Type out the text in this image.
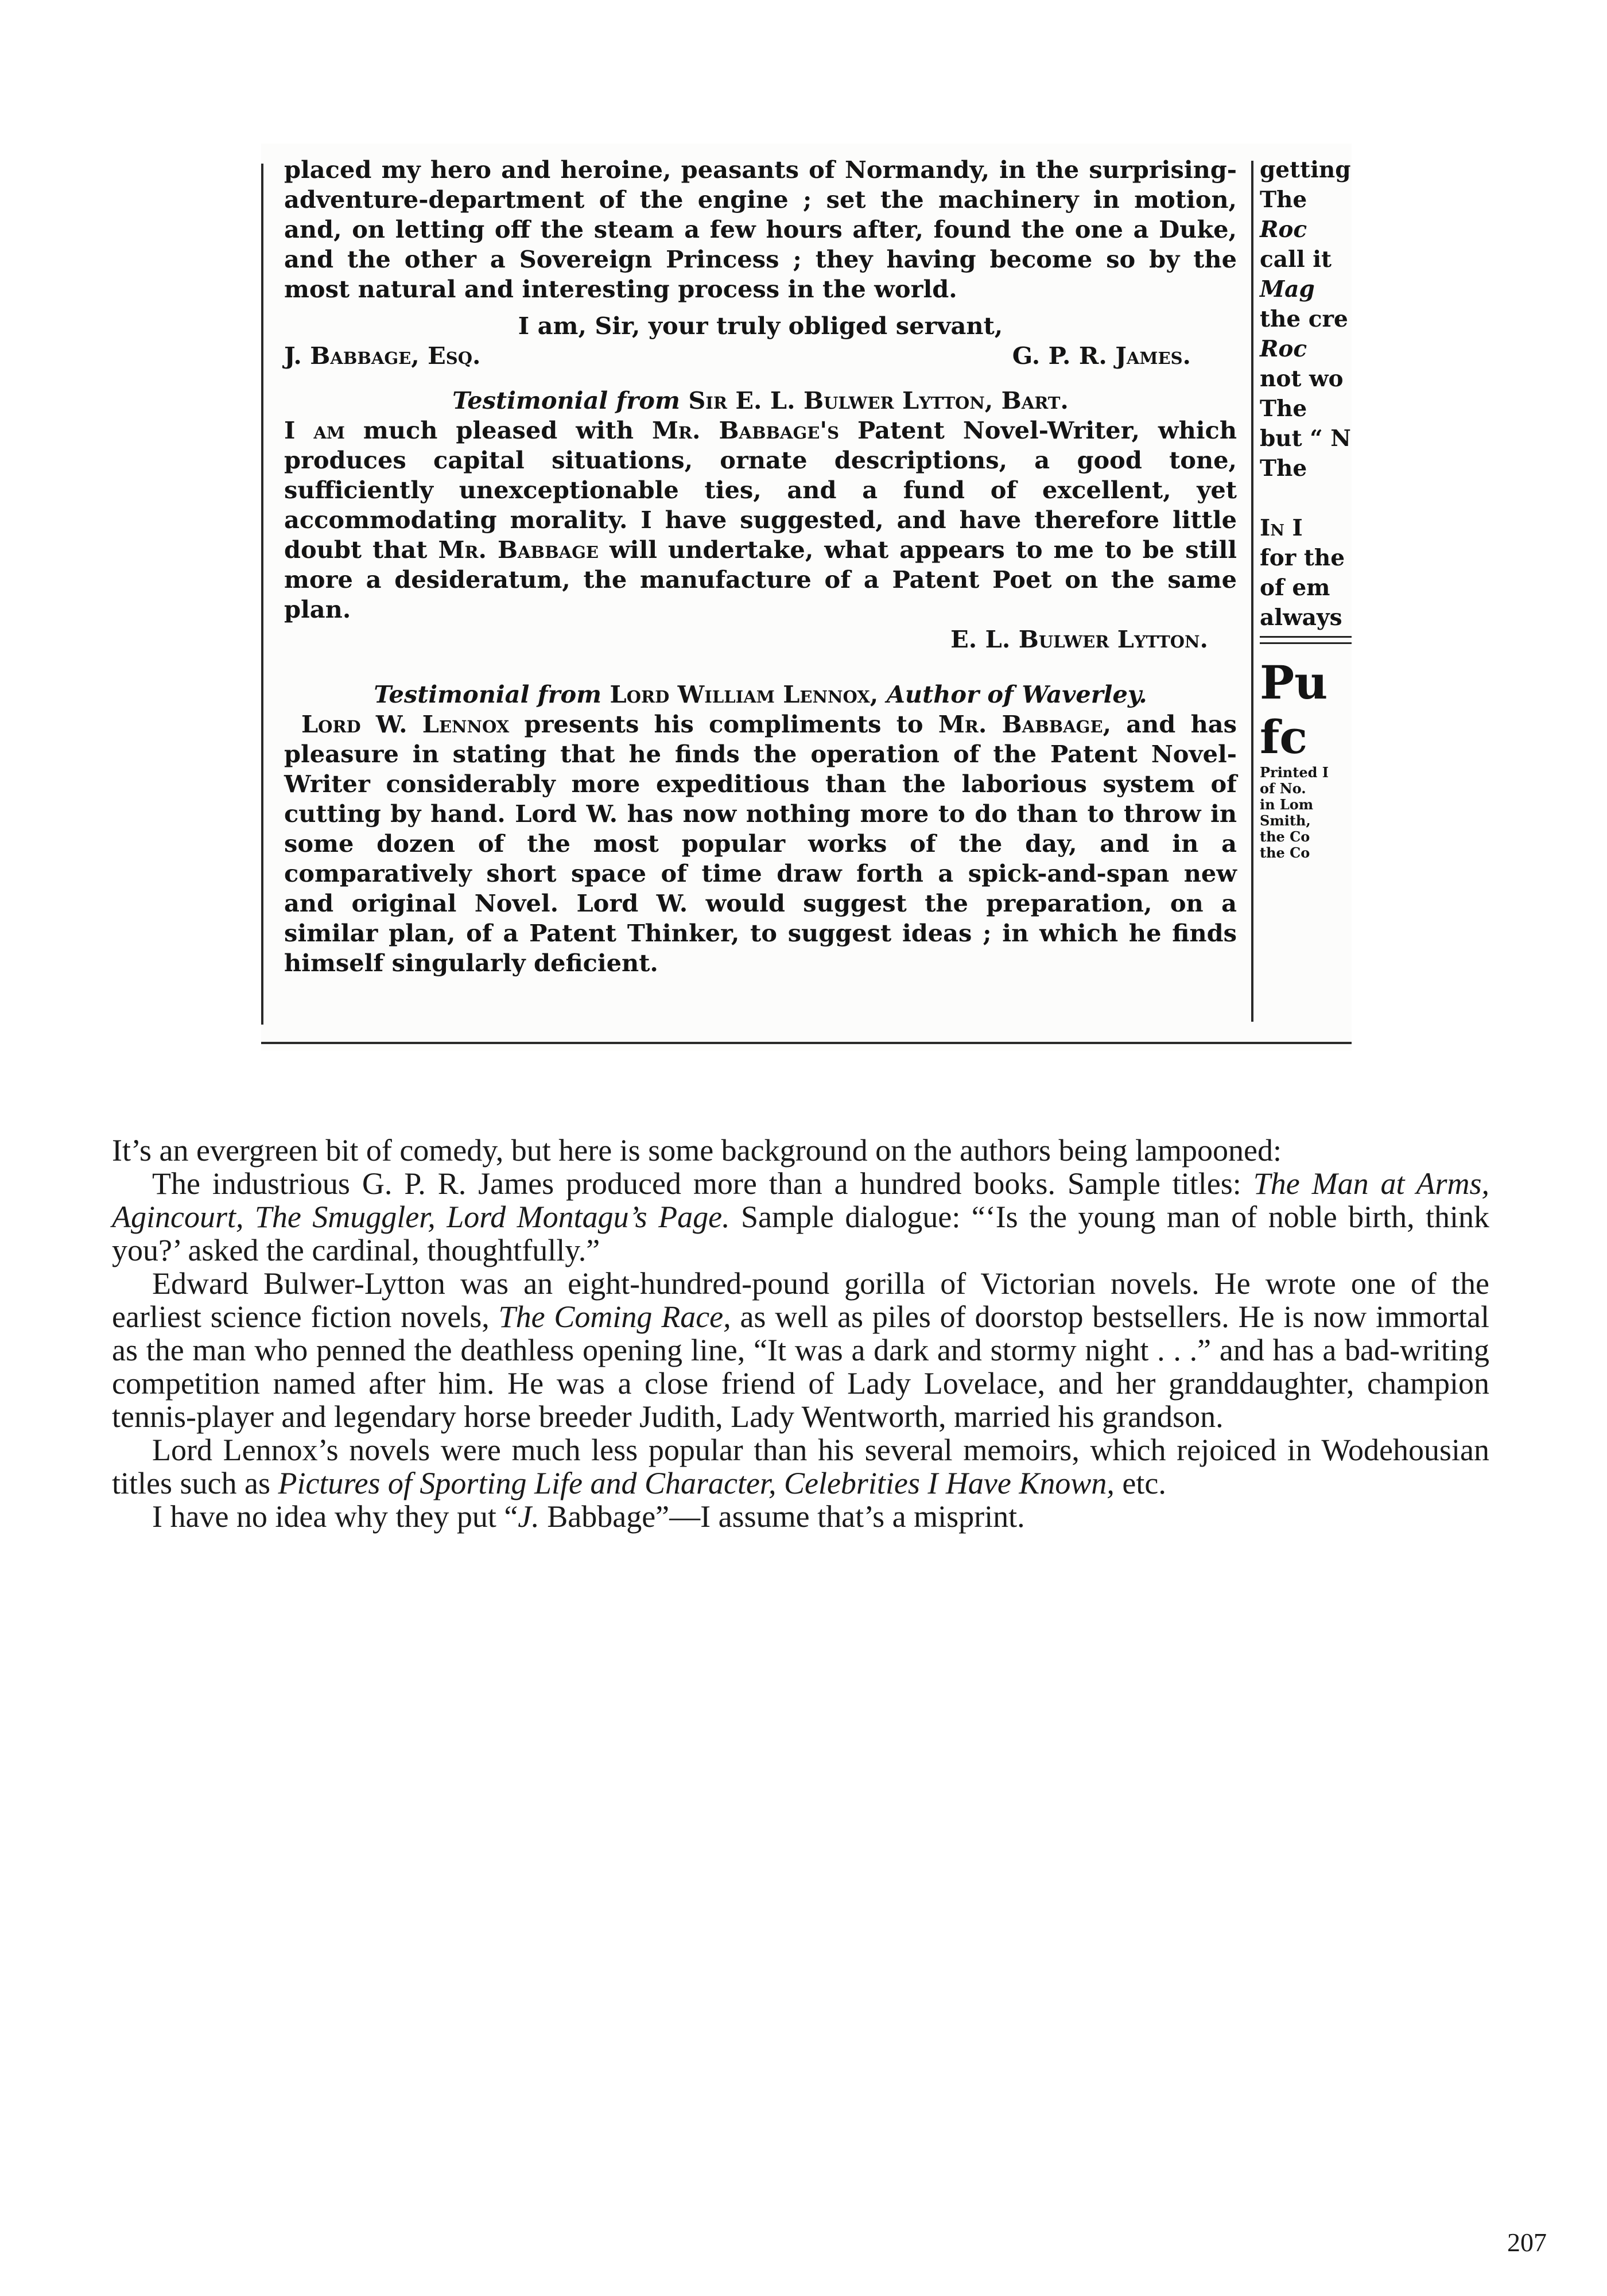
placed my hero and heroine, peasants of Normandy, in the surprising-adventure-department of the engine ; set the machinery in motion, and, on letting off the steam a few hours after, found the one a Duke, and the other a Sovereign Princess ; they having become so by the most natural and interesting process in the world.

I am, Sir, your truly obliged servant,

J. Babbage, Esq.	G. P. R. James.

Testimonial from Sir E. L. Bulwer Lytton, Bart.

I am much pleased with Mr. Babbage's Patent Novel-Writer, which produces capital situations, ornate descriptions, a good tone, sufficiently unexceptionable ties, and a fund of excellent, yet accommodating morality. I have suggested, and have therefore little doubt that Mr. Babbage will undertake, what appears to me to be still more a desideratum, the manufacture of a Patent Poet on the same plan.

E. L. Bulwer Lytton.

Testimonial from Lord William Lennox, Author of Waverley.

Lord W. Lennox presents his compliments to Mr. Babbage, and has pleasure in stating that he finds the operation of the Patent Novel-Writer considerably more expeditious than the laborious system of cutting by hand. Lord W. has now nothing more to do than to throw in some dozen of the most popular works of the day, and in a comparatively short space of time draw forth a spick-and-span new and original Novel. Lord W. would suggest the preparation, on a similar plan, of a Patent Thinker, to suggest ideas ; in which he finds himself singularly deficient.

getting
The
Roc
call it
Mag
the cre
Roc
not wo
The
but “ N
The
In I
for the
of em
always
Pu
fc
Printed I
of No.
in Lom
Smith,
the Co
the Co

It’s an evergreen bit of comedy, but here is some background on the authors being lampooned:

The industrious G. P. R. James produced more than a hundred books. Sample titles: The Man at Arms, Agincourt, The Smuggler, Lord Montagu’s Page. Sample dialogue: “‘Is the young man of noble birth, think you?’ asked the cardinal, thoughtfully.”

Edward Bulwer-Lytton was an eight-hundred-pound gorilla of Victorian novels. He wrote one of the earliest science fiction novels, The Coming Race, as well as piles of doorstop bestsellers. He is now immortal as the man who penned the deathless opening line, “It was a dark and stormy night . . .” and has a bad-writing competition named after him. He was a close friend of Lady Lovelace, and her granddaughter, champion tennis-player and legendary horse breeder Judith, Lady Wentworth, married his grandson.

Lord Lennox’s novels were much less popular than his several memoirs, which rejoiced in Wodehousian titles such as Pictures of Sporting Life and Character, Celebrities I Have Known, etc.

I have no idea why they put “J. Babbage”—I assume that’s a misprint.

207
